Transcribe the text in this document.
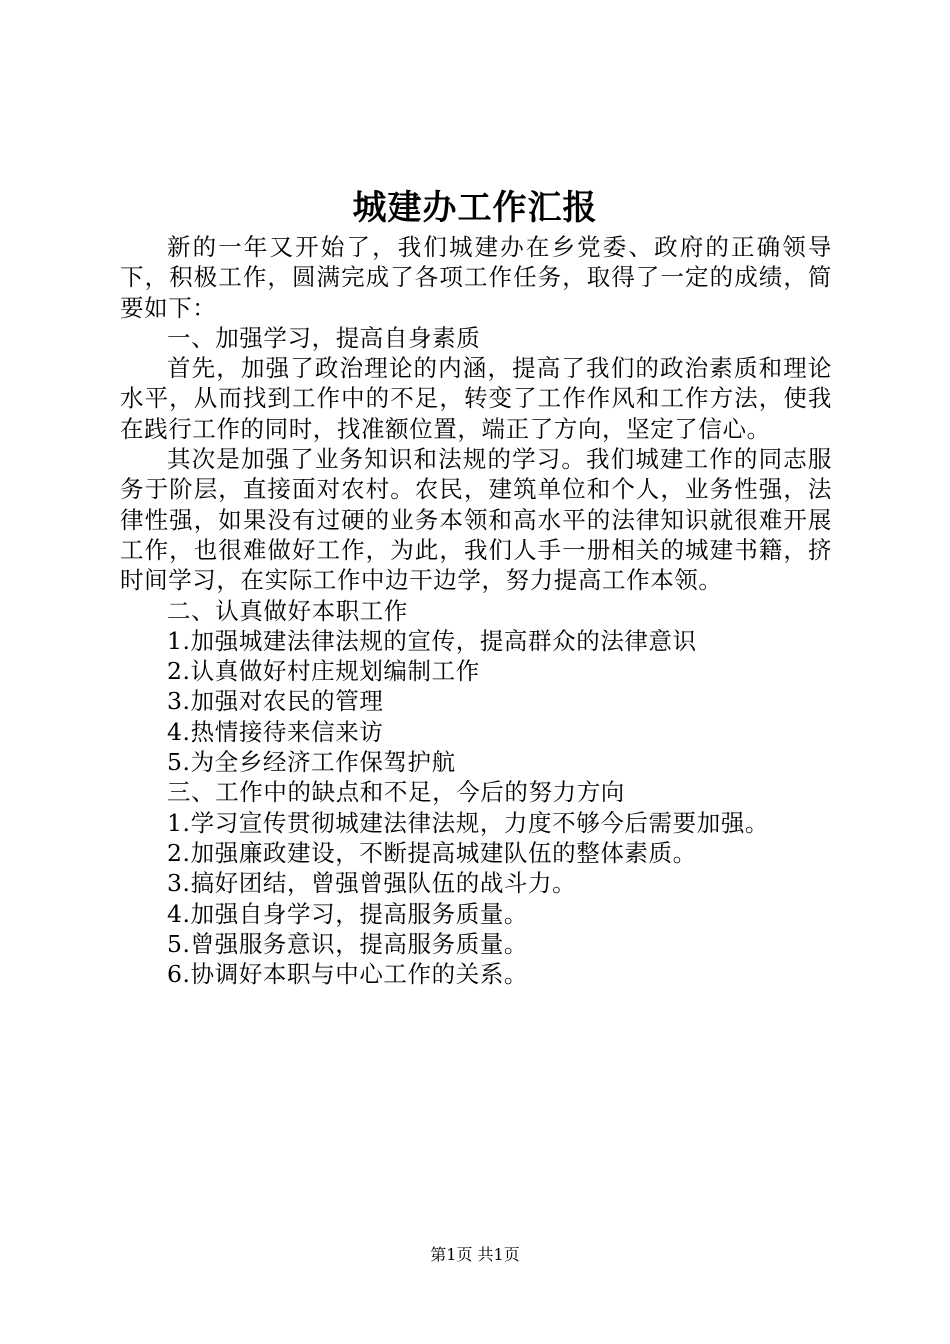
城建办工作汇报

新的一年又开始了，我们城建办在乡党委、政府的正确领导下，积极工作，圆满完成了各项工作任务，取得了一定的成绩，简要如下：

一、加强学习，提高自身素质

首先，加强了政治理论的内涵，提高了我们的政治素质和理论水平，从而找到工作中的不足，转变了工作作风和工作方法，使我在践行工作的同时，找准额位置，端正了方向，坚定了信心。

其次是加强了业务知识和法规的学习。我们城建工作的同志服务于阶层，直接面对农村。农民，建筑单位和个人，业务性强，法律性强，如果没有过硬的业务本领和高水平的法律知识就很难开展工作，也很难做好工作，为此，我们人手一册相关的城建书籍，挤时间学习，在实际工作中边干边学，努力提高工作本领。

二、认真做好本职工作

1.加强城建法律法规的宣传，提高群众的法律意识

2.认真做好村庄规划编制工作

3.加强对农民的管理

4.热情接待来信来访

5.为全乡经济工作保驾护航

三、工作中的缺点和不足，今后的努力方向

1.学习宣传贯彻城建法律法规，力度不够今后需要加强。

2.加强廉政建设，不断提高城建队伍的整体素质。

3.搞好团结，曾强曾强队伍的战斗力。

4.加强自身学习，提高服务质量。

5.曾强服务意识，提高服务质量。

6.协调好本职与中心工作的关系。

第1页 共1页
